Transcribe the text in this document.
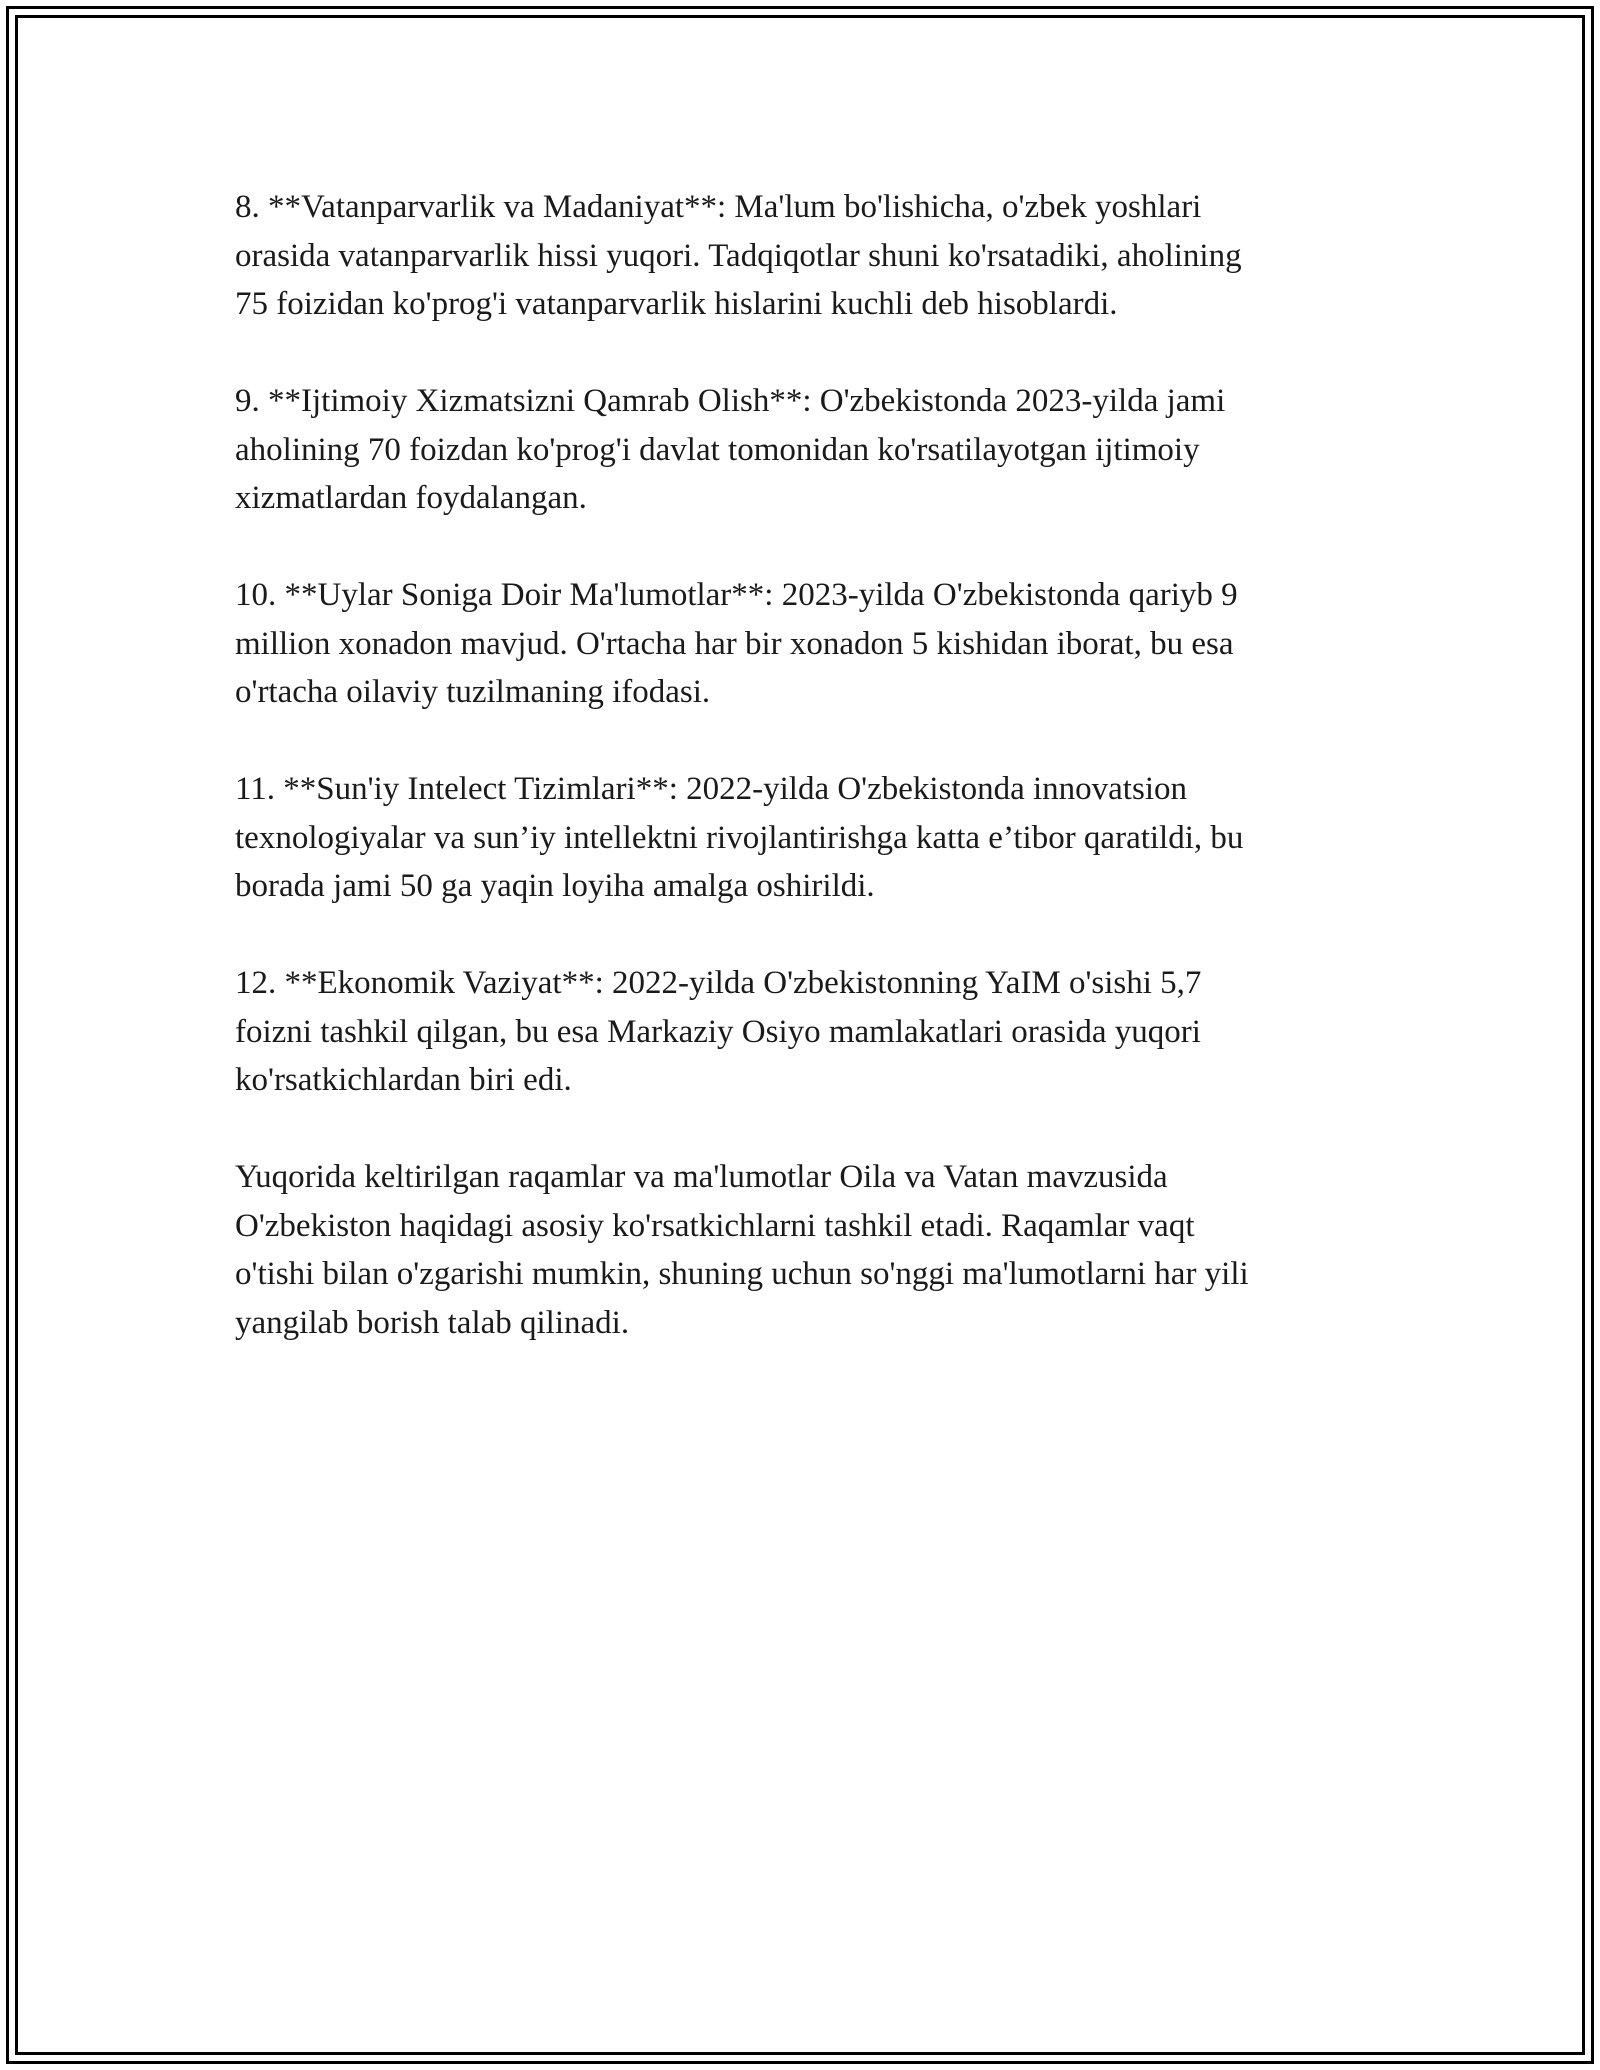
8. **Vatanparvarlik va Madaniyat**: Ma'lum bo'lishicha, o'zbek yoshlari
orasida vatanparvarlik hissi yuqori. Tadqiqotlar shuni ko'rsatadiki, aholining
75 foizidan ko'prog'i vatanparvarlik hislarini kuchli deb hisoblardi.

9. **Ijtimoiy Xizmatsizni Qamrab Olish**: O'zbekistonda 2023-yilda jami
aholining 70 foizdan ko'prog'i davlat tomonidan ko'rsatilayotgan ijtimoiy
xizmatlardan foydalangan.

10. **Uylar Soniga Doir Ma'lumotlar**: 2023-yilda O'zbekistonda qariyb 9
million xonadon mavjud. O'rtacha har bir xonadon 5 kishidan iborat, bu esa
o'rtacha oilaviy tuzilmaning ifodasi.

11. **Sun'iy Intelect Tizimlari**: 2022-yilda O'zbekistonda innovatsion
texnologiyalar va sun’iy intellektni rivojlantirishga katta e’tibor qaratildi, bu
borada jami 50 ga yaqin loyiha amalga oshirildi.

12. **Ekonomik Vaziyat**: 2022-yilda O'zbekistonning YaIM o'sishi 5,7
foizni tashkil qilgan, bu esa Markaziy Osiyo mamlakatlari orasida yuqori
ko'rsatkichlardan biri edi.

Yuqorida keltirilgan raqamlar va ma'lumotlar Oila va Vatan mavzusida
O'zbekiston haqidagi asosiy ko'rsatkichlarni tashkil etadi. Raqamlar vaqt
o'tishi bilan o'zgarishi mumkin, shuning uchun so'nggi ma'lumotlarni har yili
yangilab borish talab qilinadi.
